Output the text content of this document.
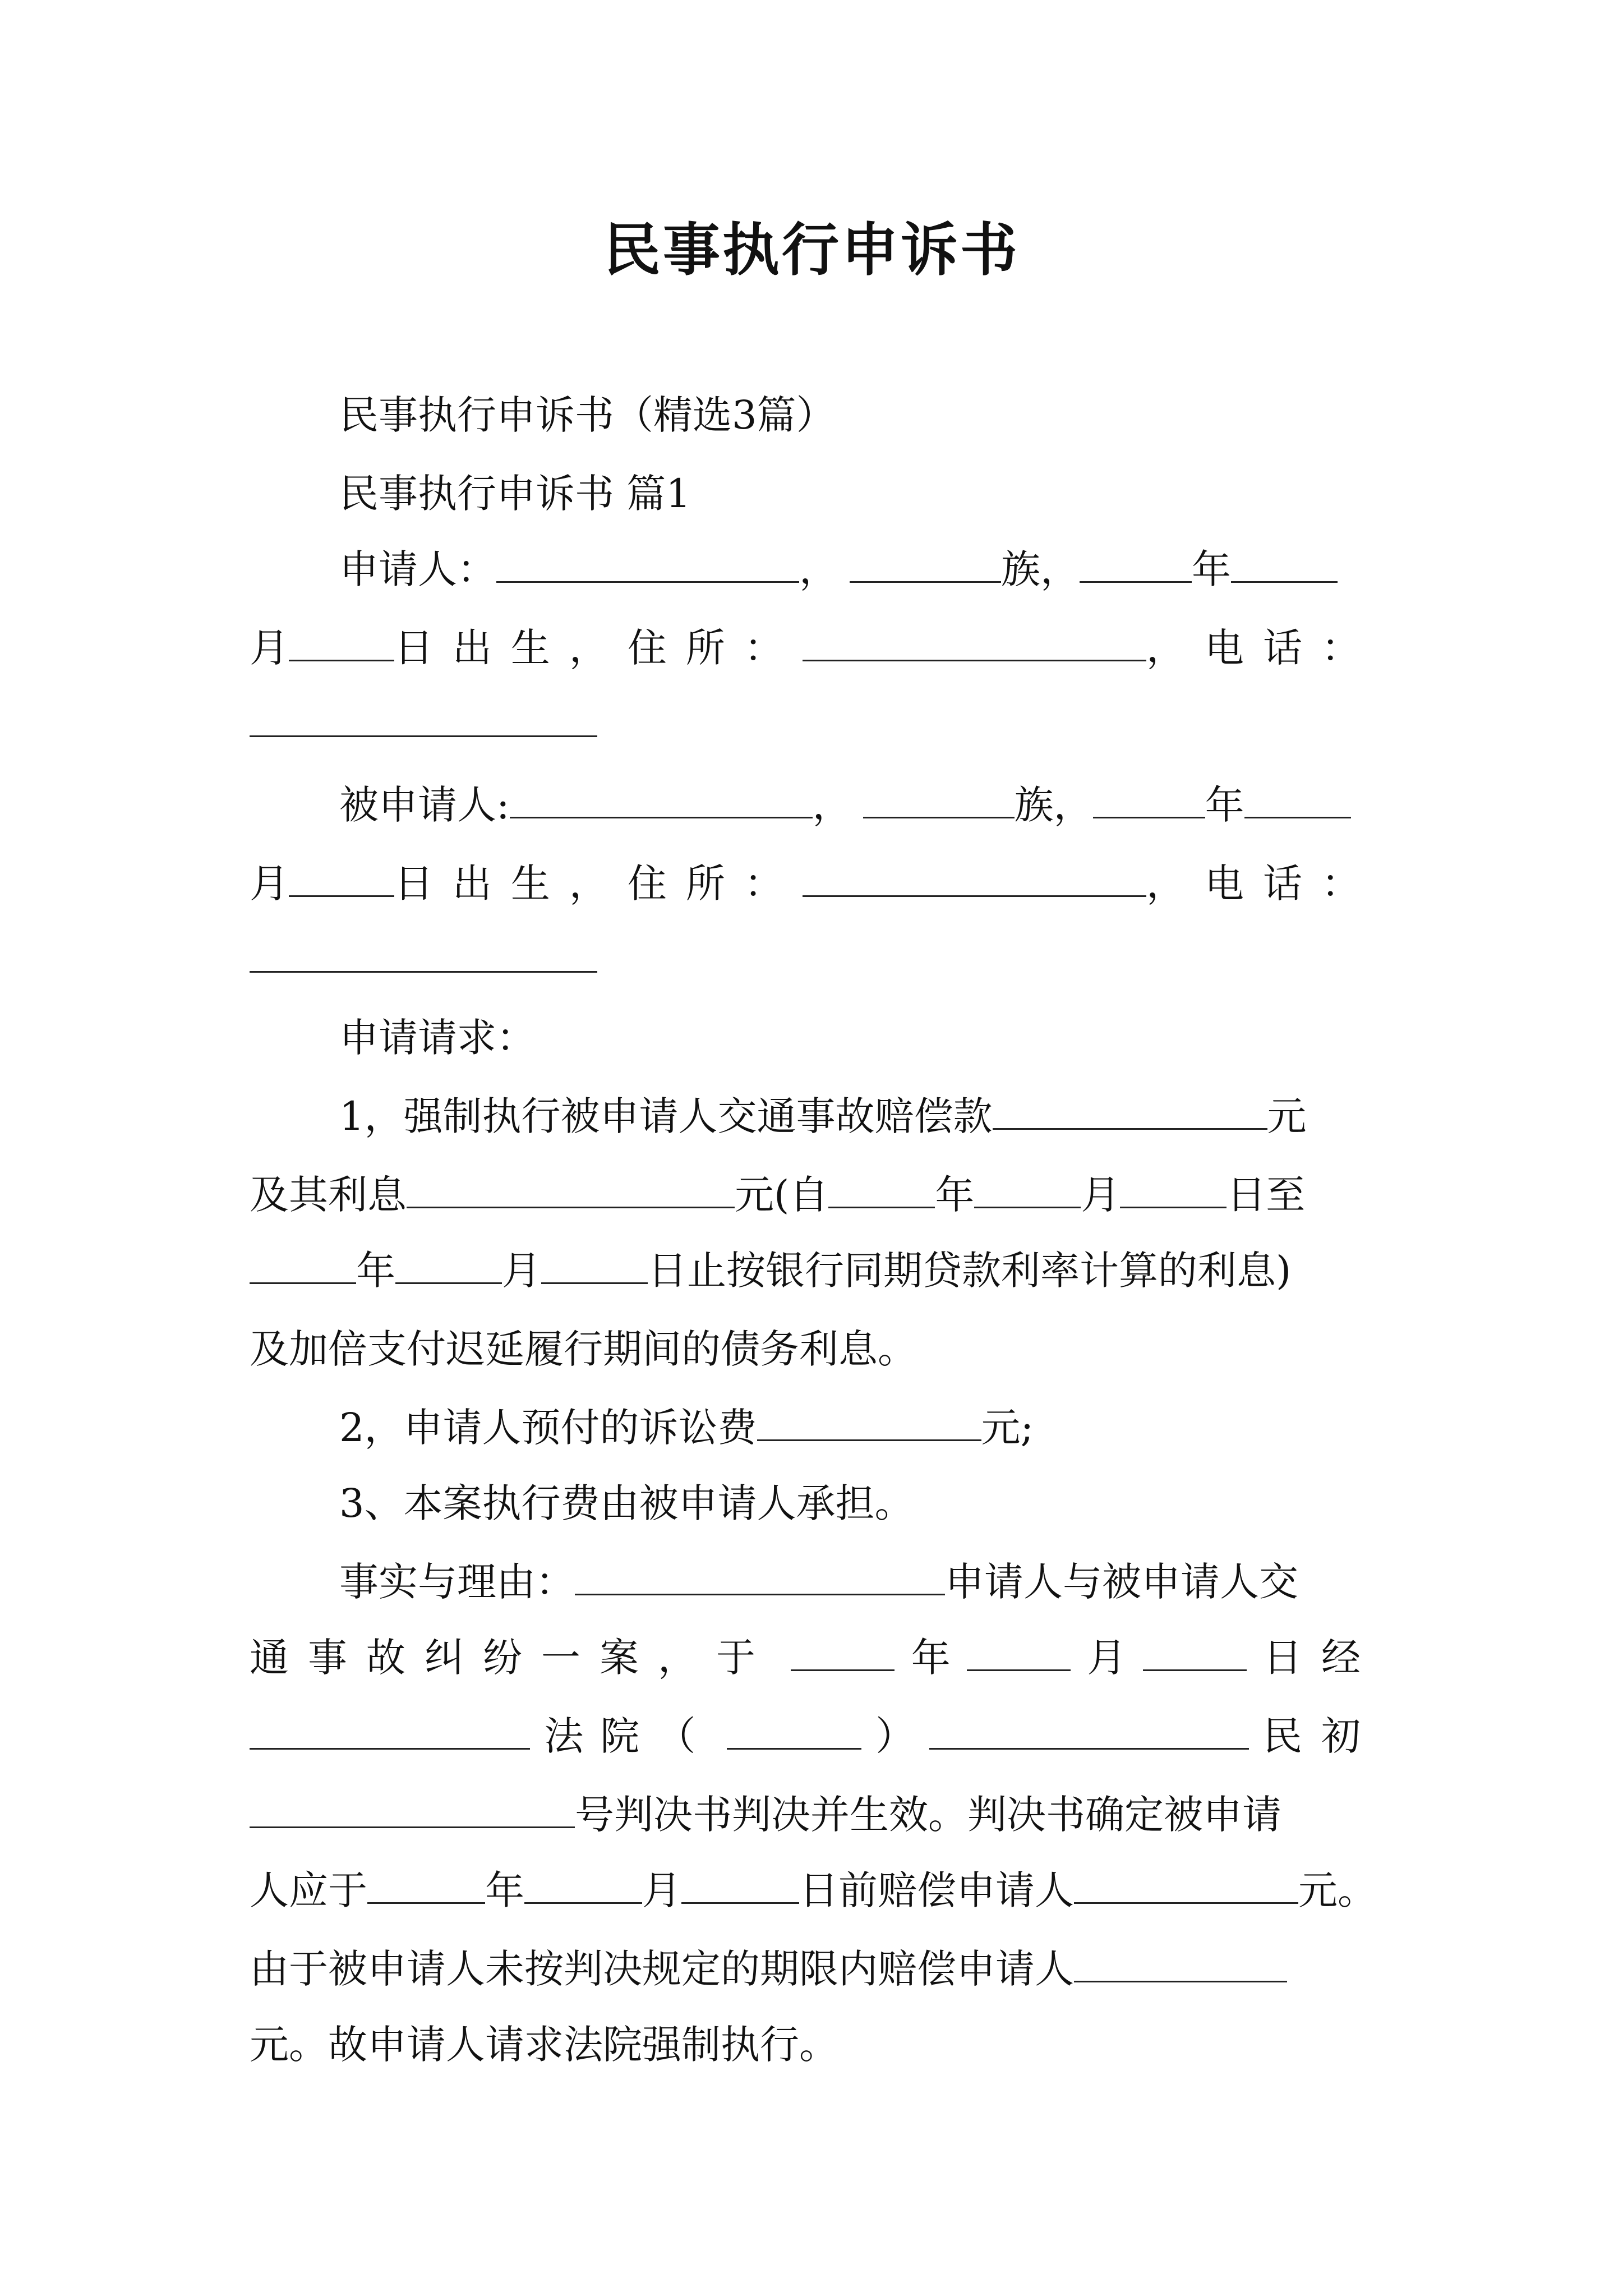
民事执行申诉书
民事执行申诉书（精选3篇）
民事执行申诉书 篇1
申请人：	，	族，	年
月	日出生，住所：	，电话：
被申请人:	，	族，	年
月	日出生，住所：	，电话：
申请请求：
1，强制执行被申请人交通事故赔偿款	元
及其利息	元(自	年	月	日至
年	月	日止按银行同期贷款利率计算的利息)
及加倍支付迟延履行期间的债务利息。
2，申请人预付的诉讼费	元;
3、本案执行费由被申请人承担。
事实与理由：	申请人与被申请人交
通事故纠纷一案，于	年	月	日经
法院（	）	民初
号判决书判决并生效。判决书确定被申请
人应于	年	月	日前赔偿申请人	元。
由于被申请人未按判决规定的期限内赔偿申请人
元。故申请人请求法院强制执行。
